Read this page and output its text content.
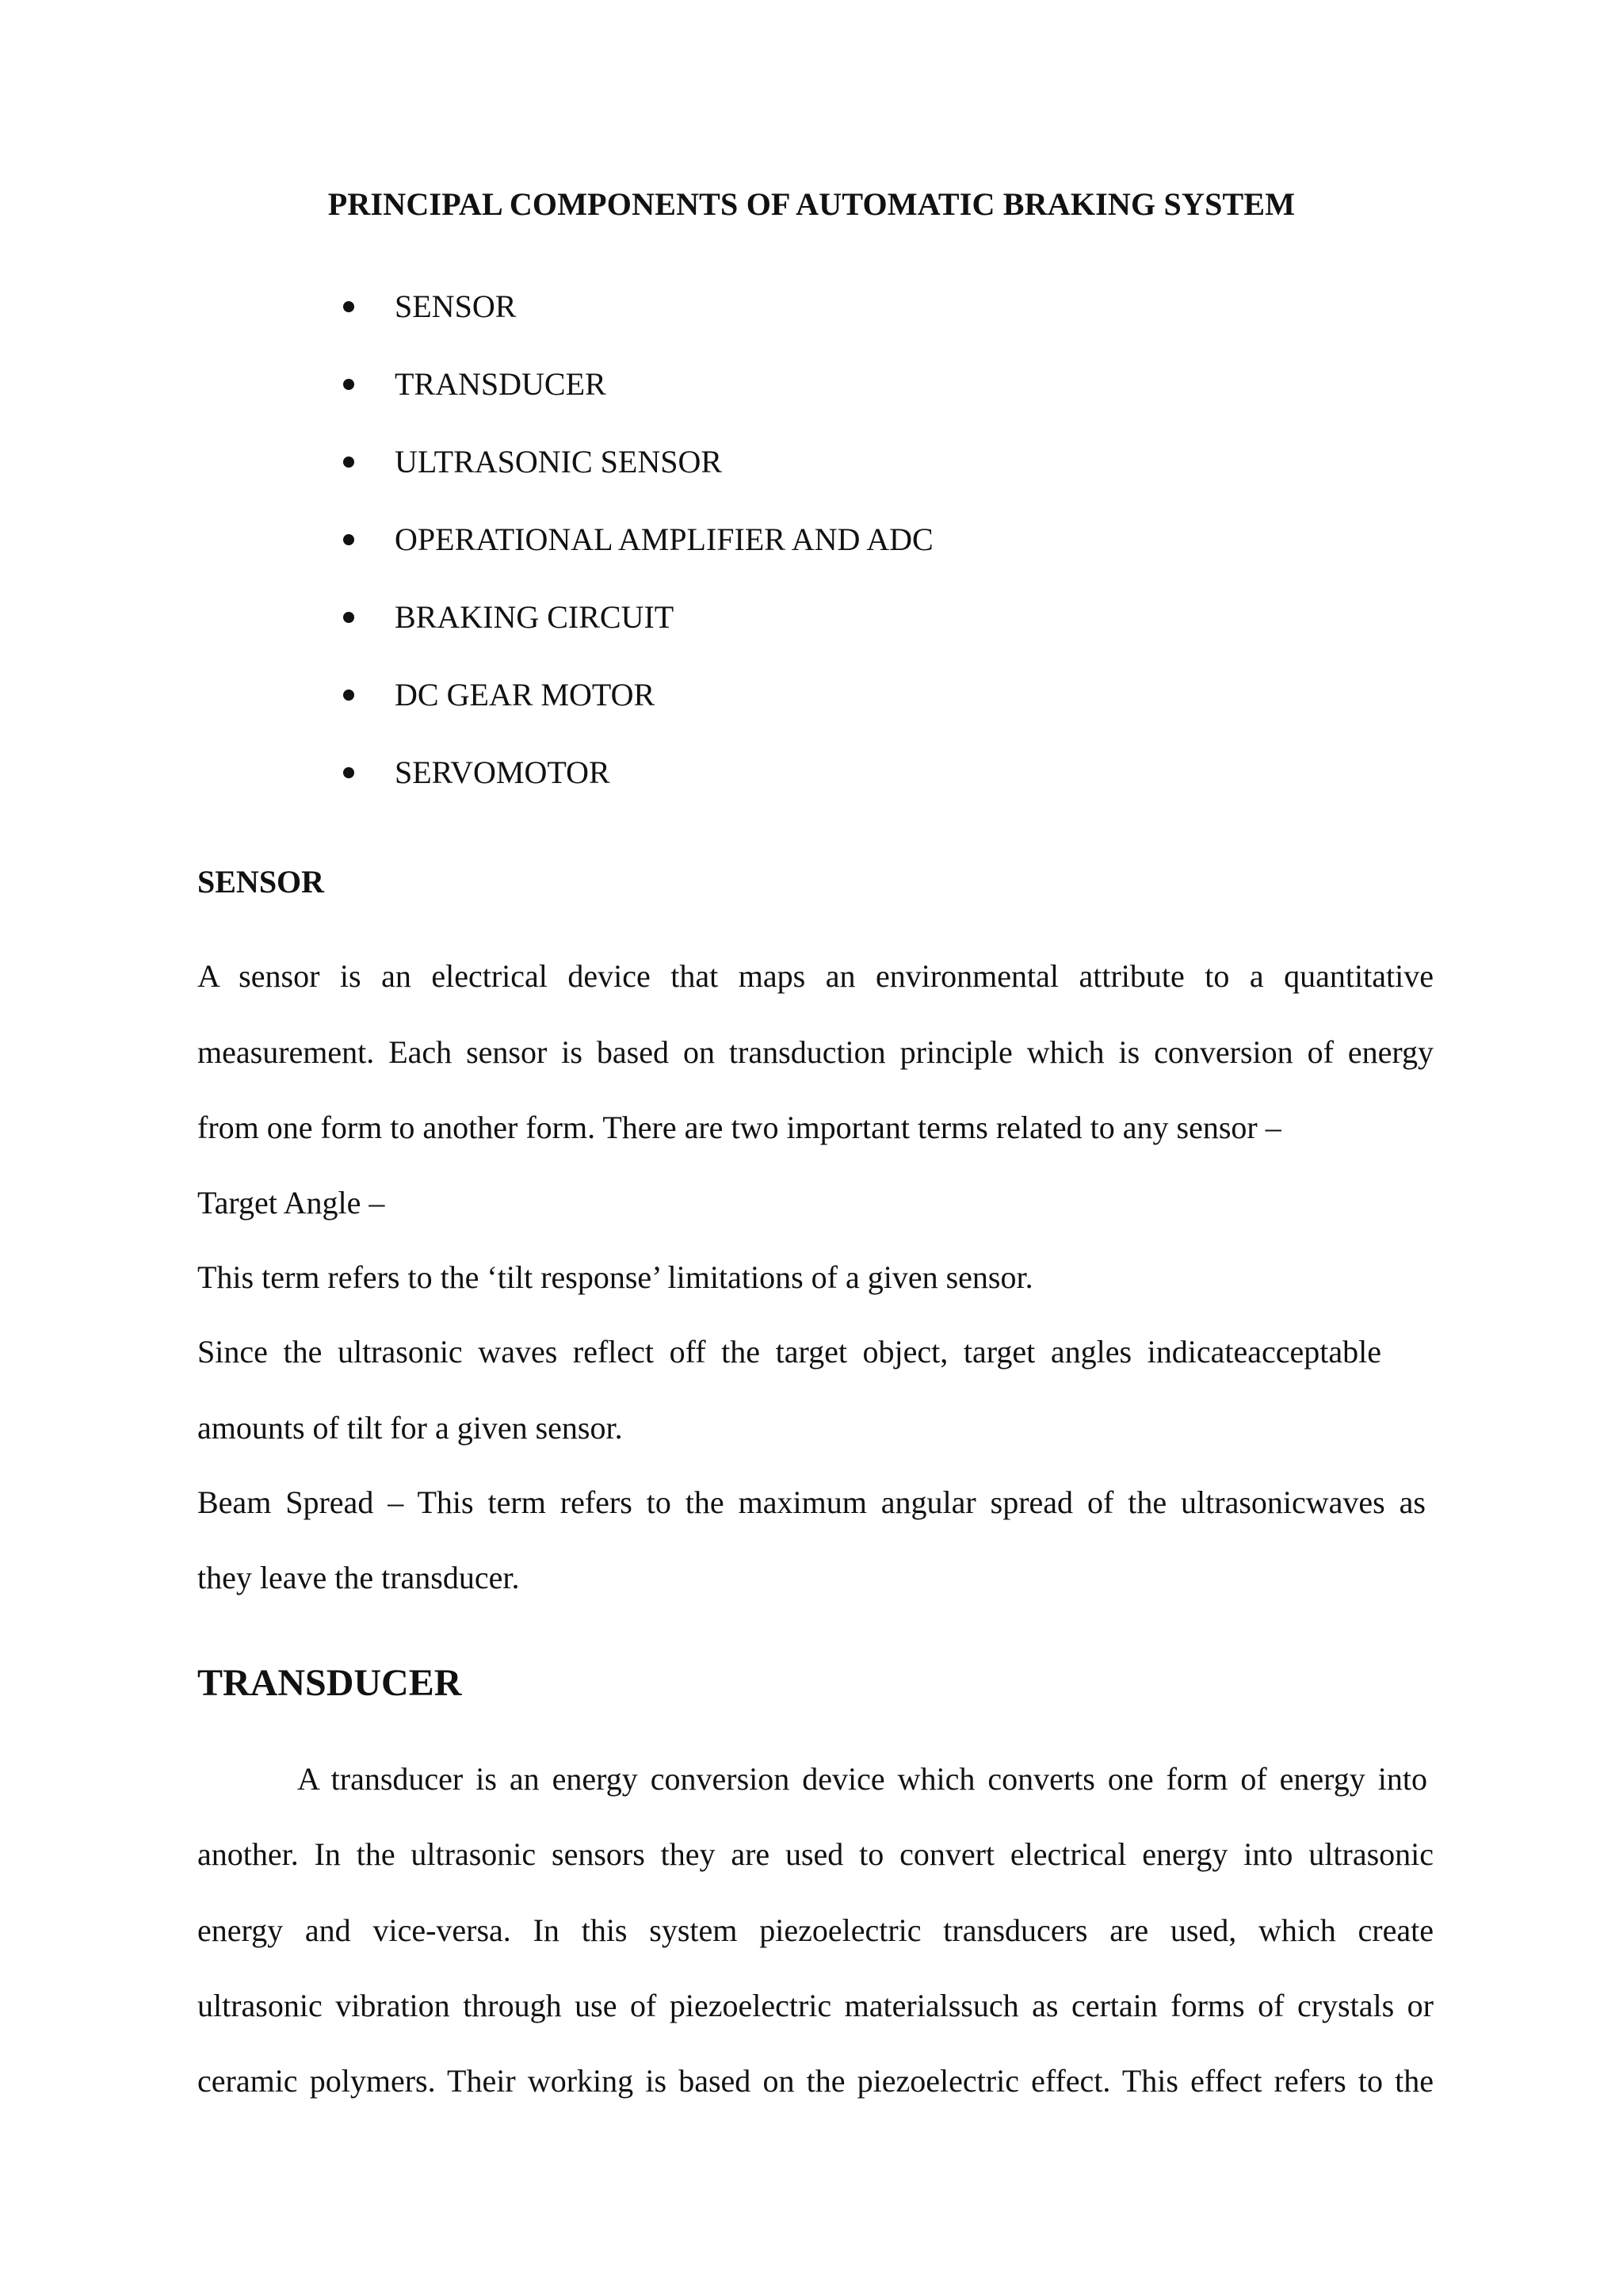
PRINCIPAL COMPONENTS OF AUTOMATIC BRAKING SYSTEM
SENSOR
TRANSDUCER
ULTRASONIC SENSOR
OPERATIONAL AMPLIFIER AND ADC
BRAKING CIRCUIT
DC GEAR MOTOR
SERVOMOTOR
SENSOR
A sensor is an electrical device that maps an environmental attribute to a quantitative
measurement. Each sensor is based on transduction principle which is conversion of energy
from one form to another form. There are two important terms related to any sensor –
Target Angle –
This term refers to the ‘tilt response’ limitations of a given sensor.
Since the ultrasonic waves reflect off the target object, target angles indicateacceptable
amounts of tilt for a given sensor.
Beam Spread – This term refers to the maximum angular spread of the ultrasonicwaves as
they leave the transducer.
TRANSDUCER
A transducer is an energy conversion device which converts one form of energy into
another. In the ultrasonic sensors they are used to convert electrical energy into ultrasonic
energy and vice-versa. In this system piezoelectric transducers are used, which create
ultrasonic vibration through use of piezoelectric materialssuch as certain forms of crystals or
ceramic polymers. Their working is based on the piezoelectric effect. This effect refers to the
